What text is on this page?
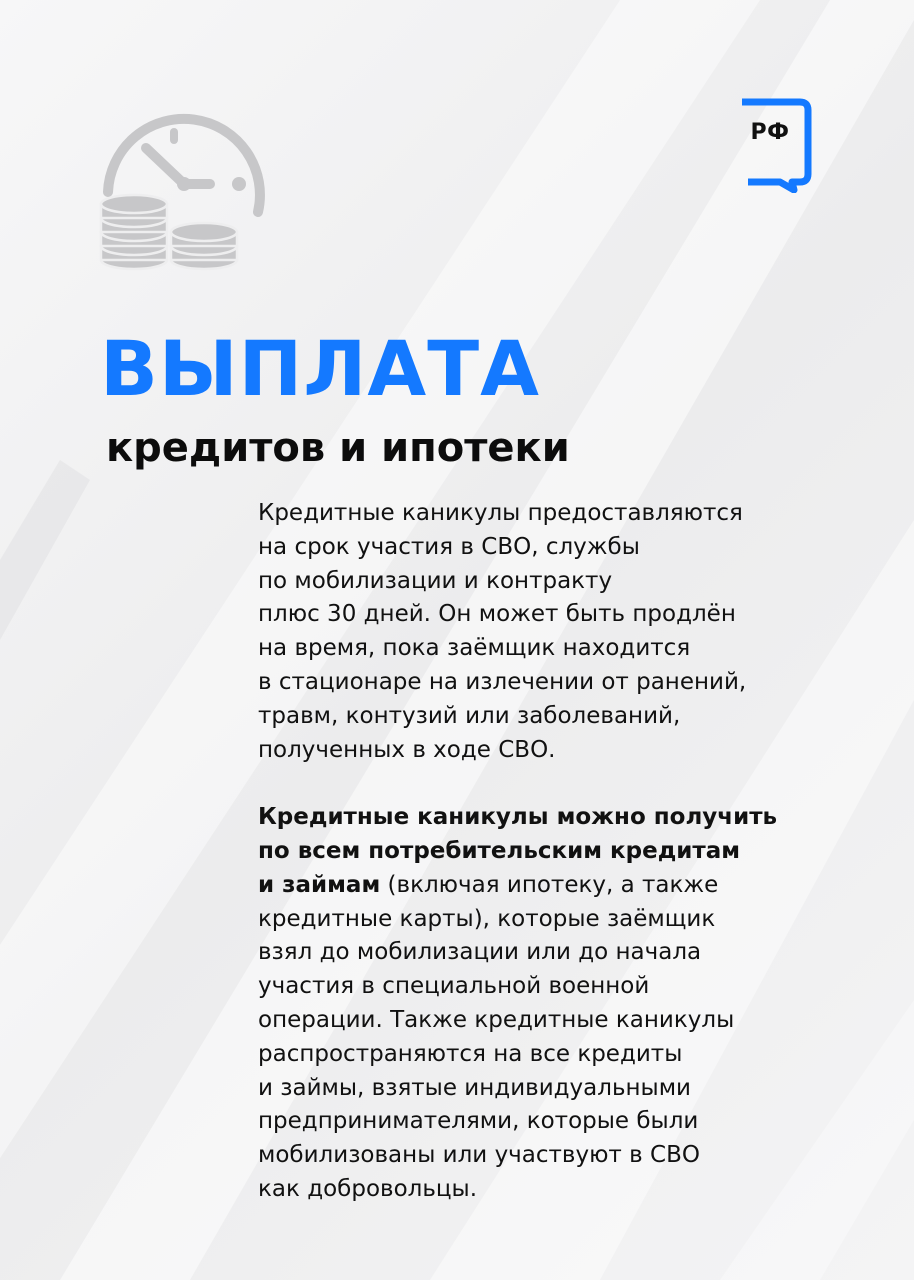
РФ
ВЫПЛАТА
кредитов и ипотеки

Кредитные каникулы предоставляются
на срок участия в СВО, службы
по мобилизации и контракту
плюс 30 дней. Он может быть продлён
на время, пока заёмщик находится
в стационаре на излечении от ранений,
травм, контузий или заболеваний,
полученных в ходе СВО.

Кредитные каникулы можно получить
по всем потребительским кредитам
и займам (включая ипотеку, а также
кредитные карты), которые заёмщик
взял до мобилизации или до начала
участия в специальной военной
операции. Также кредитные каникулы
распространяются на все кредиты
и займы, взятые индивидуальными
предпринимателями, которые были
мобилизованы или участвуют в СВО
как добровольцы.
